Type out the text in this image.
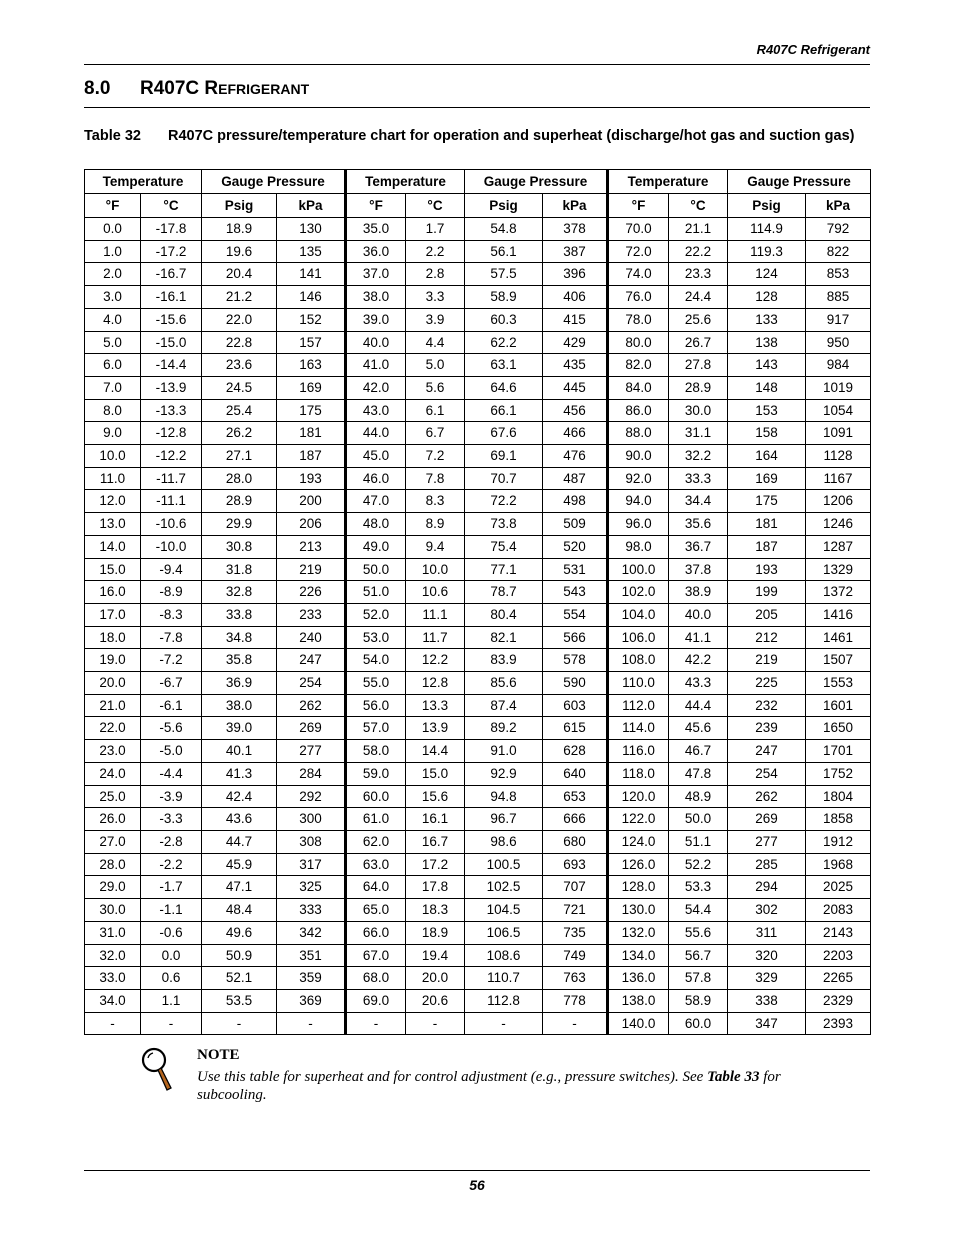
R407C Refrigerant
8.0 R407C REFRIGERANT
Table 32 R407C pressure/temperature chart for operation and superheat (discharge/hot gas and suction gas)
Temperature		Gauge Pressure		Temperature		Gauge Pressure		Temperature		Gauge Pressure	
°F	°C	Psig	kPa	°F	°C	Psig	kPa	°F	°C	Psig	kPa
0.0	-17.8	18.9	130	35.0	1.7	54.8	378	70.0	21.1	114.9	792
1.0	-17.2	19.6	135	36.0	2.2	56.1	387	72.0	22.2	119.3	822
2.0	-16.7	20.4	141	37.0	2.8	57.5	396	74.0	23.3	124	853
3.0	-16.1	21.2	146	38.0	3.3	58.9	406	76.0	24.4	128	885
4.0	-15.6	22.0	152	39.0	3.9	60.3	415	78.0	25.6	133	917
5.0	-15.0	22.8	157	40.0	4.4	62.2	429	80.0	26.7	138	950
6.0	-14.4	23.6	163	41.0	5.0	63.1	435	82.0	27.8	143	984
7.0	-13.9	24.5	169	42.0	5.6	64.6	445	84.0	28.9	148	1019
8.0	-13.3	25.4	175	43.0	6.1	66.1	456	86.0	30.0	153	1054
9.0	-12.8	26.2	181	44.0	6.7	67.6	466	88.0	31.1	158	1091
10.0	-12.2	27.1	187	45.0	7.2	69.1	476	90.0	32.2	164	1128
11.0	-11.7	28.0	193	46.0	7.8	70.7	487	92.0	33.3	169	1167
12.0	-11.1	28.9	200	47.0	8.3	72.2	498	94.0	34.4	175	1206
13.0	-10.6	29.9	206	48.0	8.9	73.8	509	96.0	35.6	181	1246
14.0	-10.0	30.8	213	49.0	9.4	75.4	520	98.0	36.7	187	1287
15.0	-9.4	31.8	219	50.0	10.0	77.1	531	100.0	37.8	193	1329
16.0	-8.9	32.8	226	51.0	10.6	78.7	543	102.0	38.9	199	1372
17.0	-8.3	33.8	233	52.0	11.1	80.4	554	104.0	40.0	205	1416
18.0	-7.8	34.8	240	53.0	11.7	82.1	566	106.0	41.1	212	1461
19.0	-7.2	35.8	247	54.0	12.2	83.9	578	108.0	42.2	219	1507
20.0	-6.7	36.9	254	55.0	12.8	85.6	590	110.0	43.3	225	1553
21.0	-6.1	38.0	262	56.0	13.3	87.4	603	112.0	44.4	232	1601
22.0	-5.6	39.0	269	57.0	13.9	89.2	615	114.0	45.6	239	1650
23.0	-5.0	40.1	277	58.0	14.4	91.0	628	116.0	46.7	247	1701
24.0	-4.4	41.3	284	59.0	15.0	92.9	640	118.0	47.8	254	1752
25.0	-3.9	42.4	292	60.0	15.6	94.8	653	120.0	48.9	262	1804
26.0	-3.3	43.6	300	61.0	16.1	96.7	666	122.0	50.0	269	1858
27.0	-2.8	44.7	308	62.0	16.7	98.6	680	124.0	51.1	277	1912
28.0	-2.2	45.9	317	63.0	17.2	100.5	693	126.0	52.2	285	1968
29.0	-1.7	47.1	325	64.0	17.8	102.5	707	128.0	53.3	294	2025
30.0	-1.1	48.4	333	65.0	18.3	104.5	721	130.0	54.4	302	2083
31.0	-0.6	49.6	342	66.0	18.9	106.5	735	132.0	55.6	311	2143
32.0	0.0	50.9	351	67.0	19.4	108.6	749	134.0	56.7	320	2203
33.0	0.6	52.1	359	68.0	20.0	110.7	763	136.0	57.8	329	2265
34.0	1.1	53.5	369	69.0	20.6	112.8	778	138.0	58.9	338	2329
-	-	-	-	-	-	-	-	140.0	60.0	347	2393
NOTE
Use this table for superheat and for control adjustment (e.g., pressure switches). See Table 33 for subcooling.
56
